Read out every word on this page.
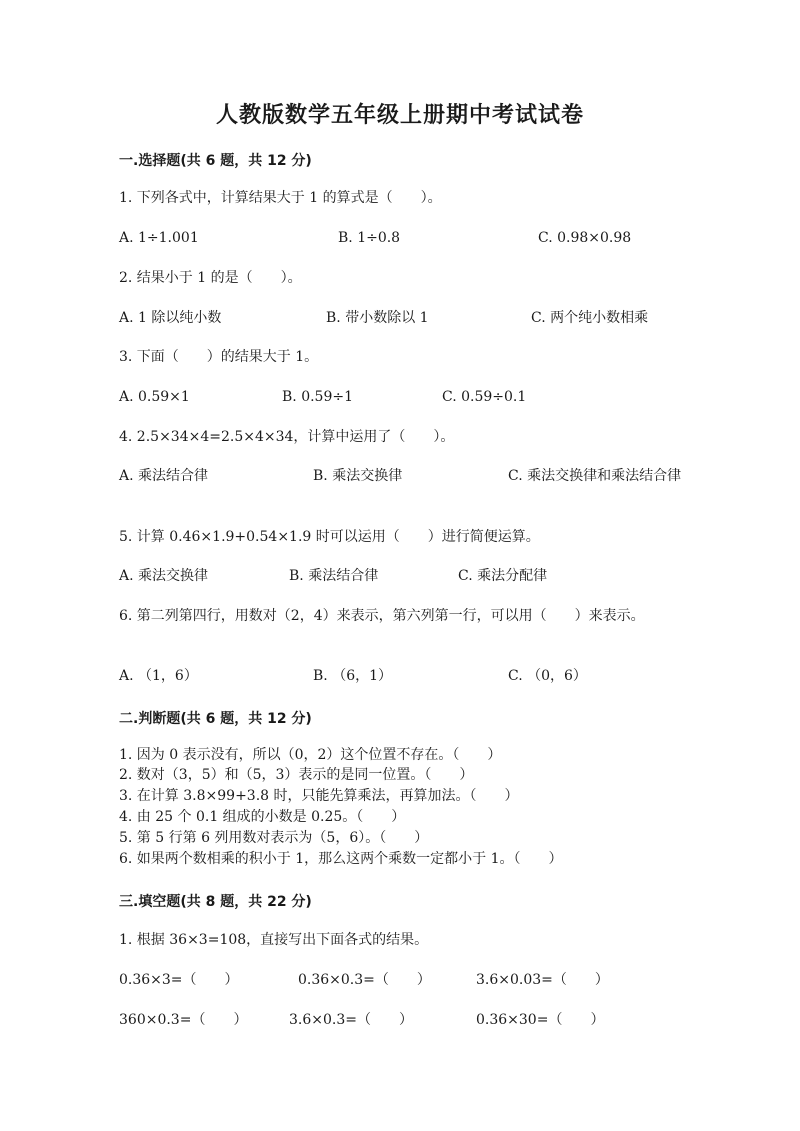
人教版数学五年级上册期中考试试卷
一.选择题(共 6 题，共 12 分)
1. 下列各式中，计算结果大于 1 的算式是（　　）。
A. 1÷1.001	B. 1÷0.8	C. 0.98×0.98
2. 结果小于 1 的是（　　）。
A. 1 除以纯小数	B. 带小数除以 1	C. 两个纯小数相乘
3. 下面（　　）的结果大于 1。
A. 0.59×1	B. 0.59÷1	C. 0.59÷0.1
4. 2.5×34×4=2.5×4×34，计算中运用了（　　）。
A. 乘法结合律	B. 乘法交换律	C. 乘法交换律和乘法结合律
5. 计算 0.46×1.9+0.54×1.9 时可以运用（　　）进行简便运算。
A. 乘法交换律	B. 乘法结合律	C. 乘法分配律
6. 第二列第四行，用数对（2，4）来表示，第六列第一行，可以用（　　）来表示。
A. （1，6）	B. （6，1）	C. （0，6）
二.判断题(共 6 题，共 12 分)
1. 因为 0 表示没有，所以（0，2）这个位置不存在。（　　）
2. 数对（3，5）和（5，3）表示的是同一位置。（　　）
3. 在计算 3.8×99+3.8 时，只能先算乘法，再算加法。（　　）
4. 由 25 个 0.1 组成的小数是 0.25。（　　）
5. 第 5 行第 6 列用数对表示为（5，6）。（　　）
6. 如果两个数相乘的积小于 1，那么这两个乘数一定都小于 1。（　　）
三.填空题(共 8 题，共 22 分)
1. 根据 36×3=108，直接写出下面各式的结果。
0.36×3=（　　）	0.36×0.3=（　　）	3.6×0.03=（　　）
360×0.3=（　　）	3.6×0.3=（　　）	0.36×30=（　　）
